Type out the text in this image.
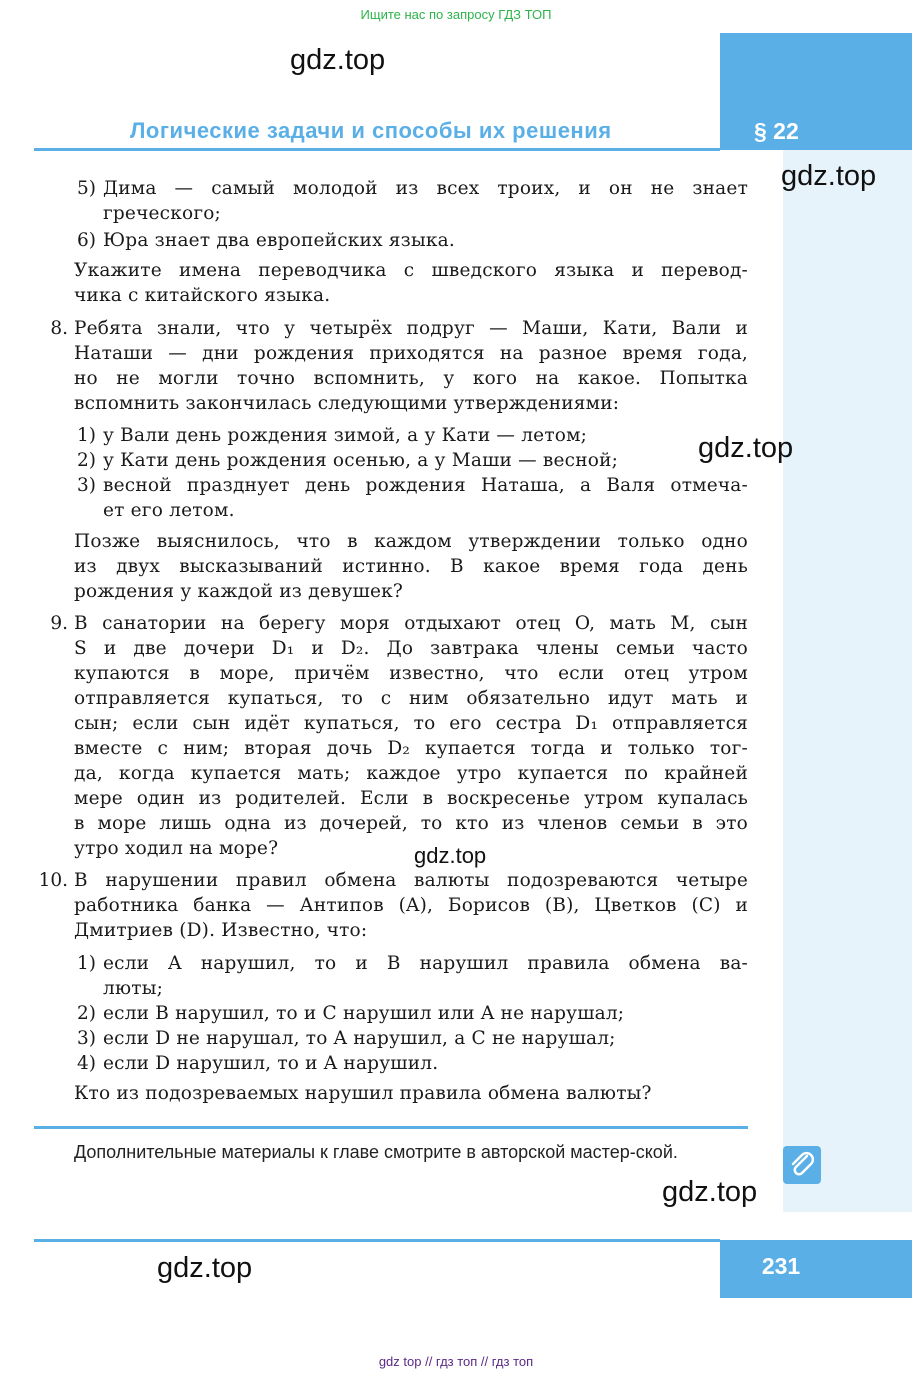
Ищите нас по запросу ГДЗ ТОП
Логические задачи и способы их решения	§ 22
5) Дима — самый молодой из всех троих, и он не знает
греческого;
6) Юра знает два европейских языка.
Укажите имена переводчика с шведского языка и перевод-
чика с китайского языка.
8. Ребята знали, что у четырёх подруг — Маши, Кати, Вали и
Наташи — дни рождения приходятся на разное время года,
но не могли точно вспомнить, у кого на какое. Попытка
вспомнить закончилась следующими утверждениями:
1) у Вали день рождения зимой, а у Кати — летом;
2) у Кати день рождения осенью, а у Маши — весной;
3) весной празднует день рождения Наташа, а Валя отмеча-
ет его летом.
Позже выяснилось, что в каждом утверждении только одно
из двух высказываний истинно. В какое время года день
рождения у каждой из девушек?
9. В санатории на берегу моря отдыхают отец O, мать M, сын
S и две дочери D₁ и D₂. До завтрака члены семьи часто
купаются в море, причём известно, что если отец утром
отправляется купаться, то с ним обязательно идут мать и
сын; если сын идёт купаться, то его сестра D₁ отправляется
вместе с ним; вторая дочь D₂ купается тогда и только тог-
да, когда купается мать; каждое утро купается по крайней
мере один из родителей. Если в воскресенье утром купалась
в море лишь одна из дочерей, то кто из членов семьи в это
утро ходил на море?
10. В нарушении правил обмена валюты подозреваются четыре
работника банка — Антипов (A), Борисов (B), Цветков (C) и
Дмитриев (D). Известно, что:
1) если A нарушил, то и B нарушил правила обмена ва-
люты;
2) если B нарушил, то и C нарушил или A не нарушал;
3) если D не нарушал, то A нарушил, а C не нарушал;
4) если D нарушил, то и A нарушил.
Кто из подозреваемых нарушил правила обмена валюты?
Дополнительные материалы к главе смотрите в авторской мастер-ской.
231
gdz.top
gdz.top
gdz.top
gdz.top
gdz.top
gdz.top
gdz top // гдз топ // гдз топ
